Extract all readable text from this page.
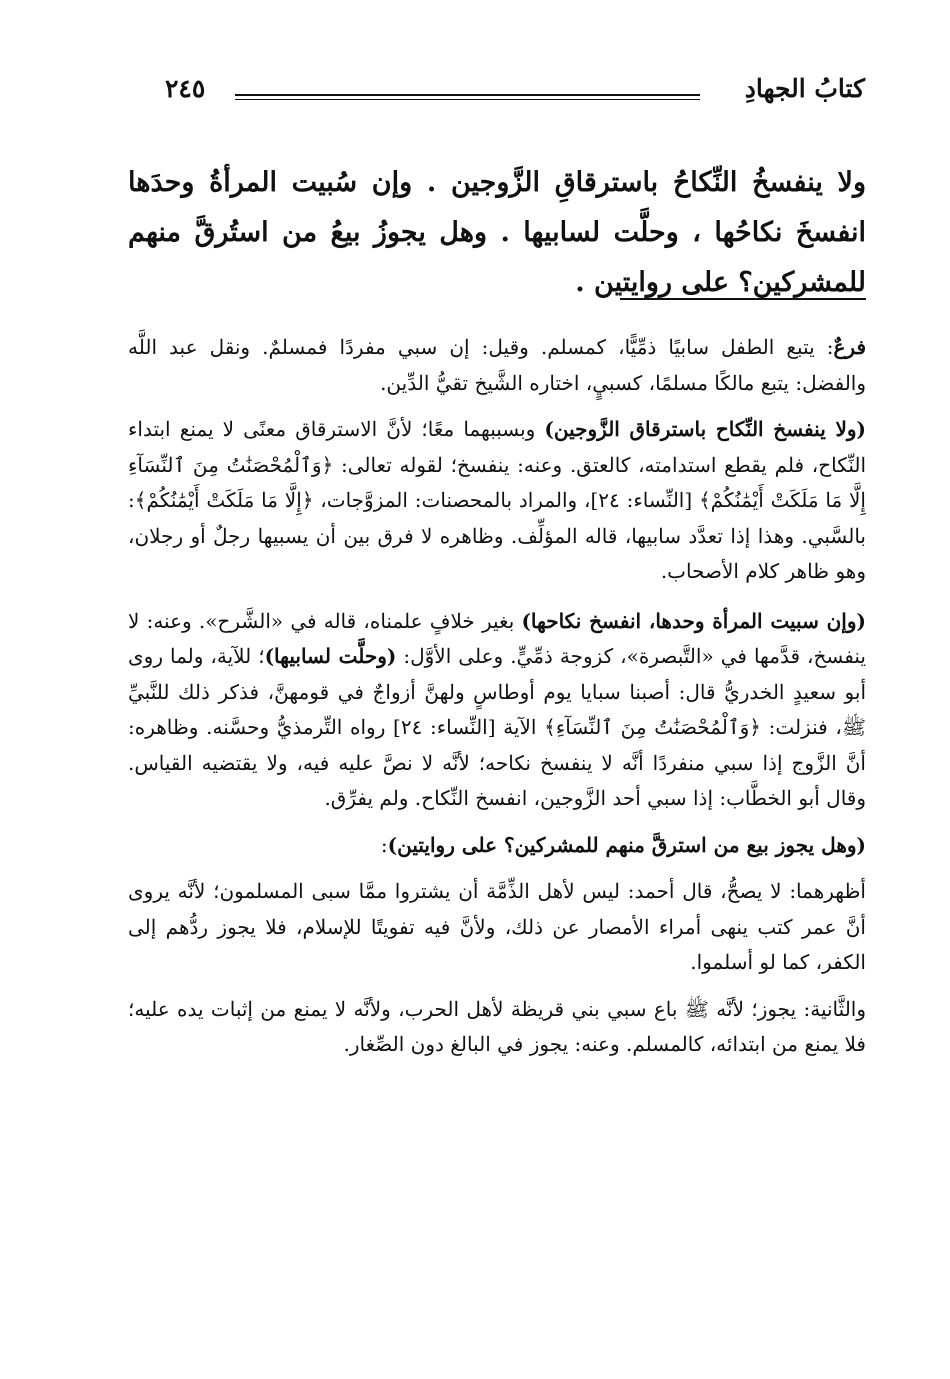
كتابُ الجهادِ
٢٤٥
ولا ينفسخُ النِّكاحُ باسترقاقِ الزَّوجين . وإن سُبيت المرأةُ وحدَها انفسخَ نكاحُها ، وحلَّت لسابيها . وهل يجوزُ بيعُ من استُرقَّ منهم للمشركين؟ على روايتين .

فرعٌ: يتبع الطفل سابيًا ذمِّيًّا، كمسلم. وقيل: إن سبي مفردًا فمسلمٌ. ونقل عبد اللَّه والفضل: يتبع مالكًا مسلمًا، كسبيٍ، اختاره الشَّيخ تقيُّ الدِّين.

(ولا ينفسخ النِّكاح باسترقاق الزَّوجين) وبسببهما معًا؛ لأنَّ الاسترقاق معنًى لا يمنع ابتداء النِّكاح، فلم يقطع استدامته، كالعتق. وعنه: ينفسخ؛ لقوله تعالى: ﴿وَٱلْمُحْصَنَٰتُ مِنَ ٱلنِّسَآءِ إِلَّا مَا مَلَكَتْ أَيْمَٰنُكُمْ﴾ [النِّساء: ٢٤]، والمراد بالمحصنات: المزوَّجات، ﴿إِلَّا مَا مَلَكَتْ أَيْمَٰنُكُمْ﴾: بالسَّبي. وهذا إذا تعدَّد سابيها، قاله المؤلِّف. وظاهره لا فرق بين أن يسبيها رجلٌ أو رجلان، وهو ظاهر كلام الأصحاب.

(وإن سبيت المرأة وحدها، انفسخ نكاحها) بغير خلافٍ علمناه، قاله في «الشَّرح». وعنه: لا ينفسخ، قدَّمها في «التَّبصرة»، كزوجة ذمِّيٍّ. وعلى الأوَّل: (وحلَّت لسابيها)؛ للآية، ولما روى أبو سعيدٍ الخدريُّ قال: أصبنا سبايا يوم أوطاسٍ ولهنَّ أزواجٌ في قومهنَّ، فذكر ذلك للنَّبيِّ ﷺ، فنزلت: ﴿وَٱلْمُحْصَنَٰتُ مِنَ ٱلنِّسَآءِ﴾ الآية [النِّساء: ٢٤] رواه التِّرمذيُّ وحسَّنه. وظاهره: أنَّ الزَّوج إذا سبي منفردًا أنَّه لا ينفسخ نكاحه؛ لأنَّه لا نصَّ عليه فيه، ولا يقتضيه القياس. وقال أبو الخطَّاب: إذا سبي أحد الزَّوجين، انفسخ النِّكاح. ولم يفرِّق.

(وهل يجوز بيع من استرقَّ منهم للمشركين؟ على روايتين):

أظهرهما: لا يصحُّ، قال أحمد: ليس لأهل الذِّمَّة أن يشتروا ممَّا سبى المسلمون؛ لأنَّه يروى أنَّ عمر كتب ينهى أمراء الأمصار عن ذلك، ولأنَّ فيه تفويتًا للإسلام، فلا يجوز ردُّهم إلى الكفر، كما لو أسلموا.

والثَّانية: يجوز؛ لأنَّه ﷺ باع سبي بني قريظة لأهل الحرب، ولأنَّه لا يمنع من إثبات يده عليه؛ فلا يمنع من ابتدائه، كالمسلم. وعنه: يجوز في البالغ دون الصِّغار.
